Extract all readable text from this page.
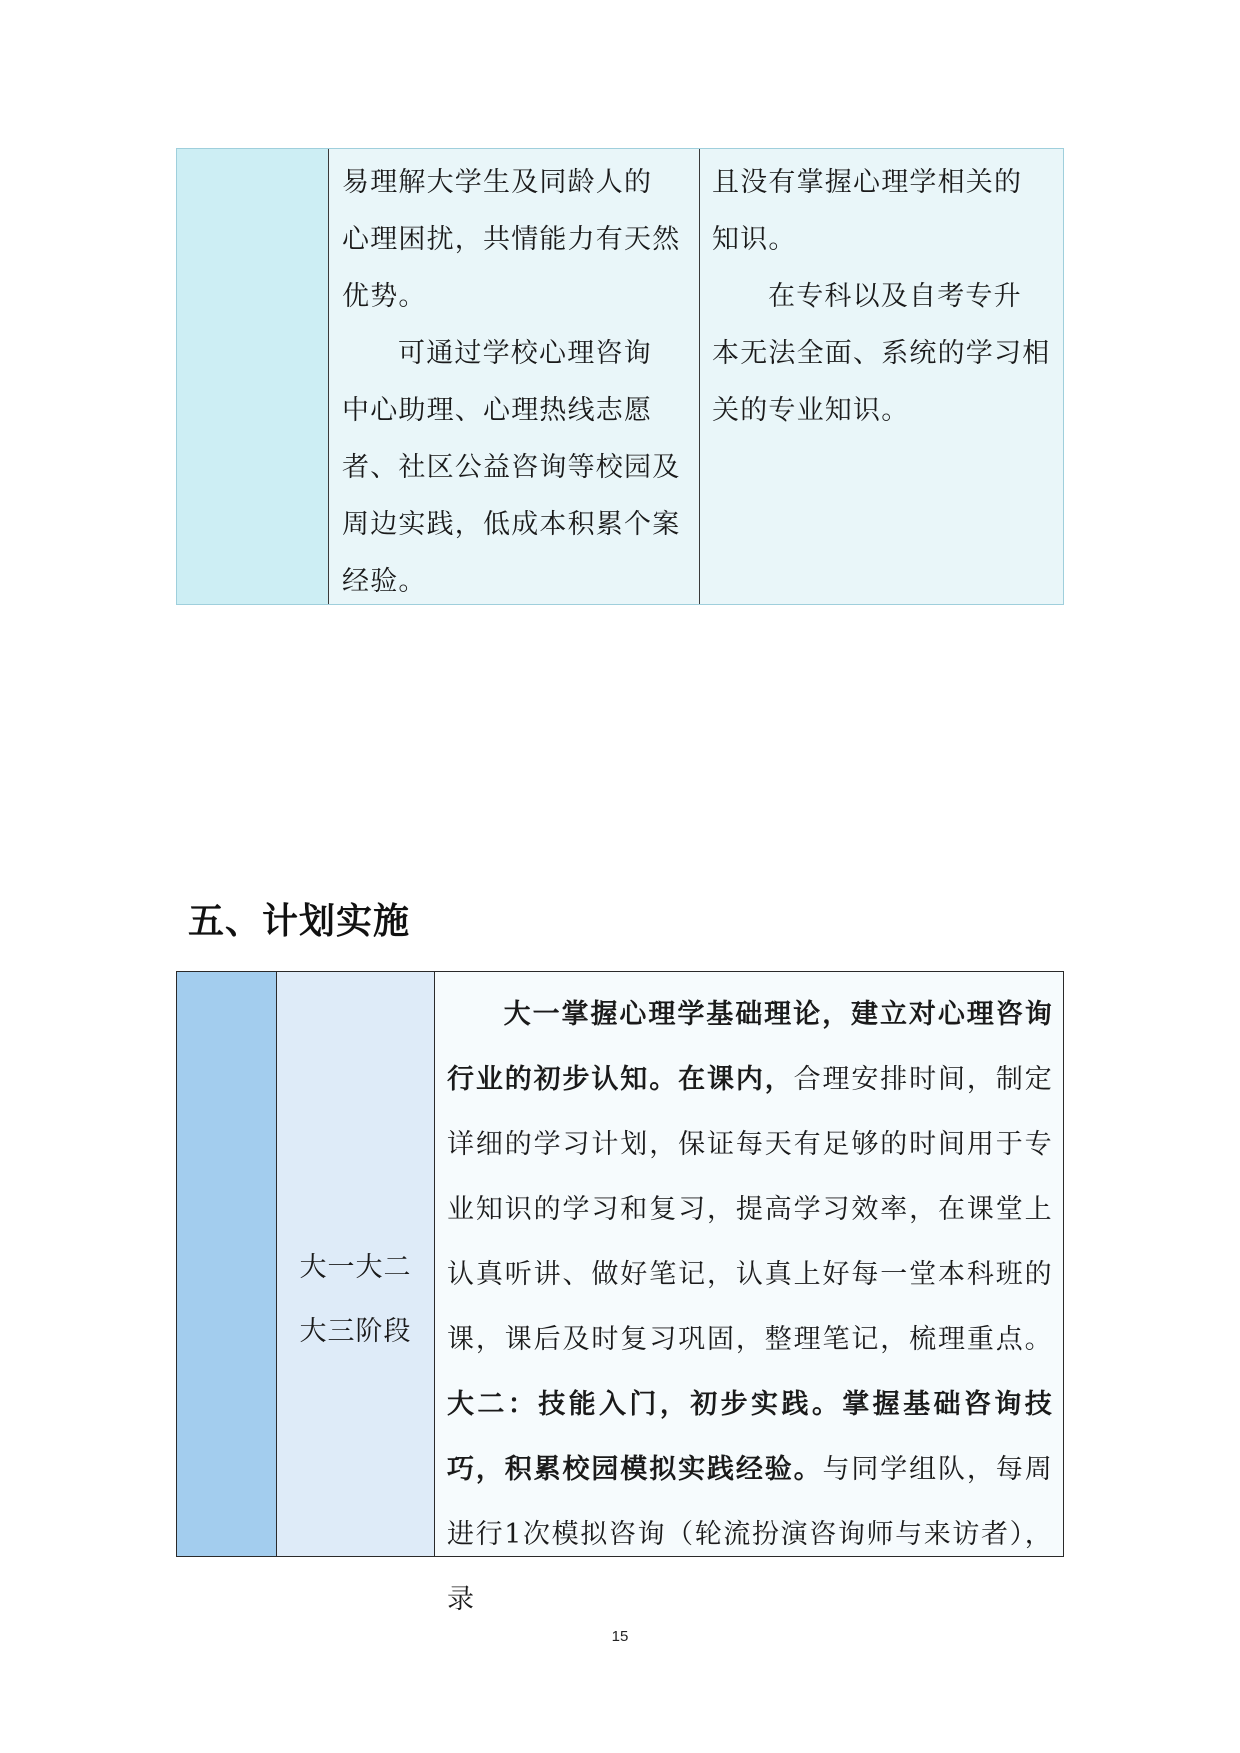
易理解大学生及同龄人的
心理困扰，共情能力有天然
优势。

可通过学校心理咨询
中心助理、心理热线志愿
者、社区公益咨询等校园及
周边实践，低成本积累个案
经验。

且没有掌握心理学相关的
知识。

在专科以及自考专升
本无法全面、系统的学习相
关的专业知识。

五、计划实施
大一大二
大三阶段
大一掌握心理学基础理论，建立对心理咨询行业的初步认知。在课内，合理安排时间，制定详细的学习计划，保证每天有足够的时间用于专业知识的学习和复习，提高学习效率，在课堂上认真听讲、做好笔记，认真上好每一堂本科班的课，课后及时复习巩固，整理笔记，梳理重点。大二：技能入门，初步实践。掌握基础咨询技巧，积累校园模拟实践经验。与同学组队，每周进行1次模拟咨询（轮流扮演咨询师与来访者），录
15
